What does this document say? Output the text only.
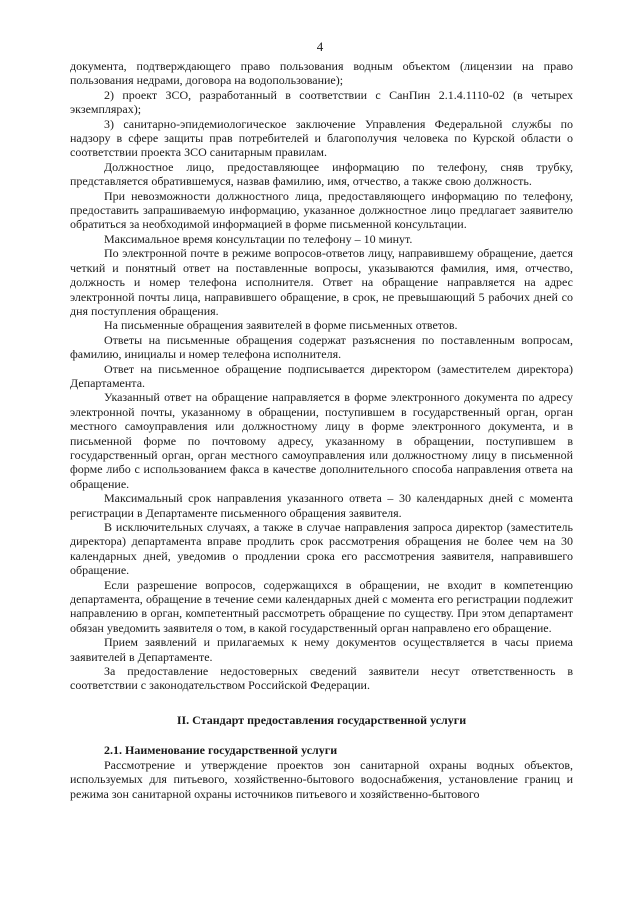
4

документа, подтверждающего право пользования водным объектом (лицензии на право пользования недрами, договора на водопользование);

2) проект ЗСО, разработанный в соответствии с СанПин 2.1.4.1110-02 (в четырех экземплярах);

3) санитарно-эпидемиологическое заключение Управления Федеральной службы по надзору в сфере защиты прав потребителей и благополучия человека по Курской области о соответствии проекта ЗСО санитарным правилам.

Должностное лицо, предоставляющее информацию по телефону, сняв трубку, представляется обратившемуся, назвав фамилию, имя, отчество, а также свою должность.

При невозможности должностного лица, предоставляющего информацию по телефону, предоставить запрашиваемую информацию, указанное должностное лицо предлагает заявителю обратиться за необходимой информацией в форме письменной консультации.

Максимальное время консультации по телефону – 10 минут.

По электронной почте в режиме вопросов-ответов лицу, направившему обращение, дается четкий и понятный ответ на поставленные вопросы, указываются фамилия, имя, отчество, должность и номер телефона исполнителя. Ответ на обращение направляется на адрес электронной почты лица, направившего обращение, в срок, не превышающий 5 рабочих дней со дня поступления обращения.

На письменные обращения заявителей в форме письменных ответов.

Ответы на письменные обращения содержат разъяснения по поставленным вопросам, фамилию, инициалы и номер телефона исполнителя.

Ответ на письменное обращение подписывается директором (заместителем директора) Департамента.

Указанный ответ на обращение направляется в форме электронного документа по адресу электронной почты, указанному в обращении, поступившем в государственный орган, орган местного самоуправления или должностному лицу в форме электронного документа, и в письменной форме по почтовому адресу, указанному в обращении, поступившем в государственный орган, орган местного самоуправления или должностному лицу в письменной форме либо с использованием факса в качестве дополнительного способа направления ответа на обращение.

Максимальный срок направления указанного ответа – 30 календарных дней с момента регистрации в Департаменте письменного обращения заявителя.

В исключительных случаях, а также в случае направления запроса директор (заместитель директора) департамента вправе продлить срок рассмотрения обращения не более чем на 30 календарных дней, уведомив о продлении срока его рассмотрения заявителя, направившего обращение.

Если разрешение вопросов, содержащихся в обращении, не входит в компетенцию департамента, обращение в течение семи календарных дней с момента его регистрации подлежит направлению в орган, компетентный рассмотреть обращение по существу. При этом департамент обязан уведомить заявителя о том, в какой государственный орган направлено его обращение.

Прием заявлений и прилагаемых к нему документов осуществляется в часы приема заявителей в Департаменте.

За предоставление недостоверных сведений заявители несут ответственность в соответствии с законодательством Российской Федерации.

II. Стандарт предоставления государственной услуги

2.1. Наименование государственной услуги

Рассмотрение и утверждение проектов зон санитарной охраны водных объектов, используемых для питьевого, хозяйственно-бытового водоснабжения, установление границ и режима зон санитарной охраны источников питьевого и хозяйственно-бытового
